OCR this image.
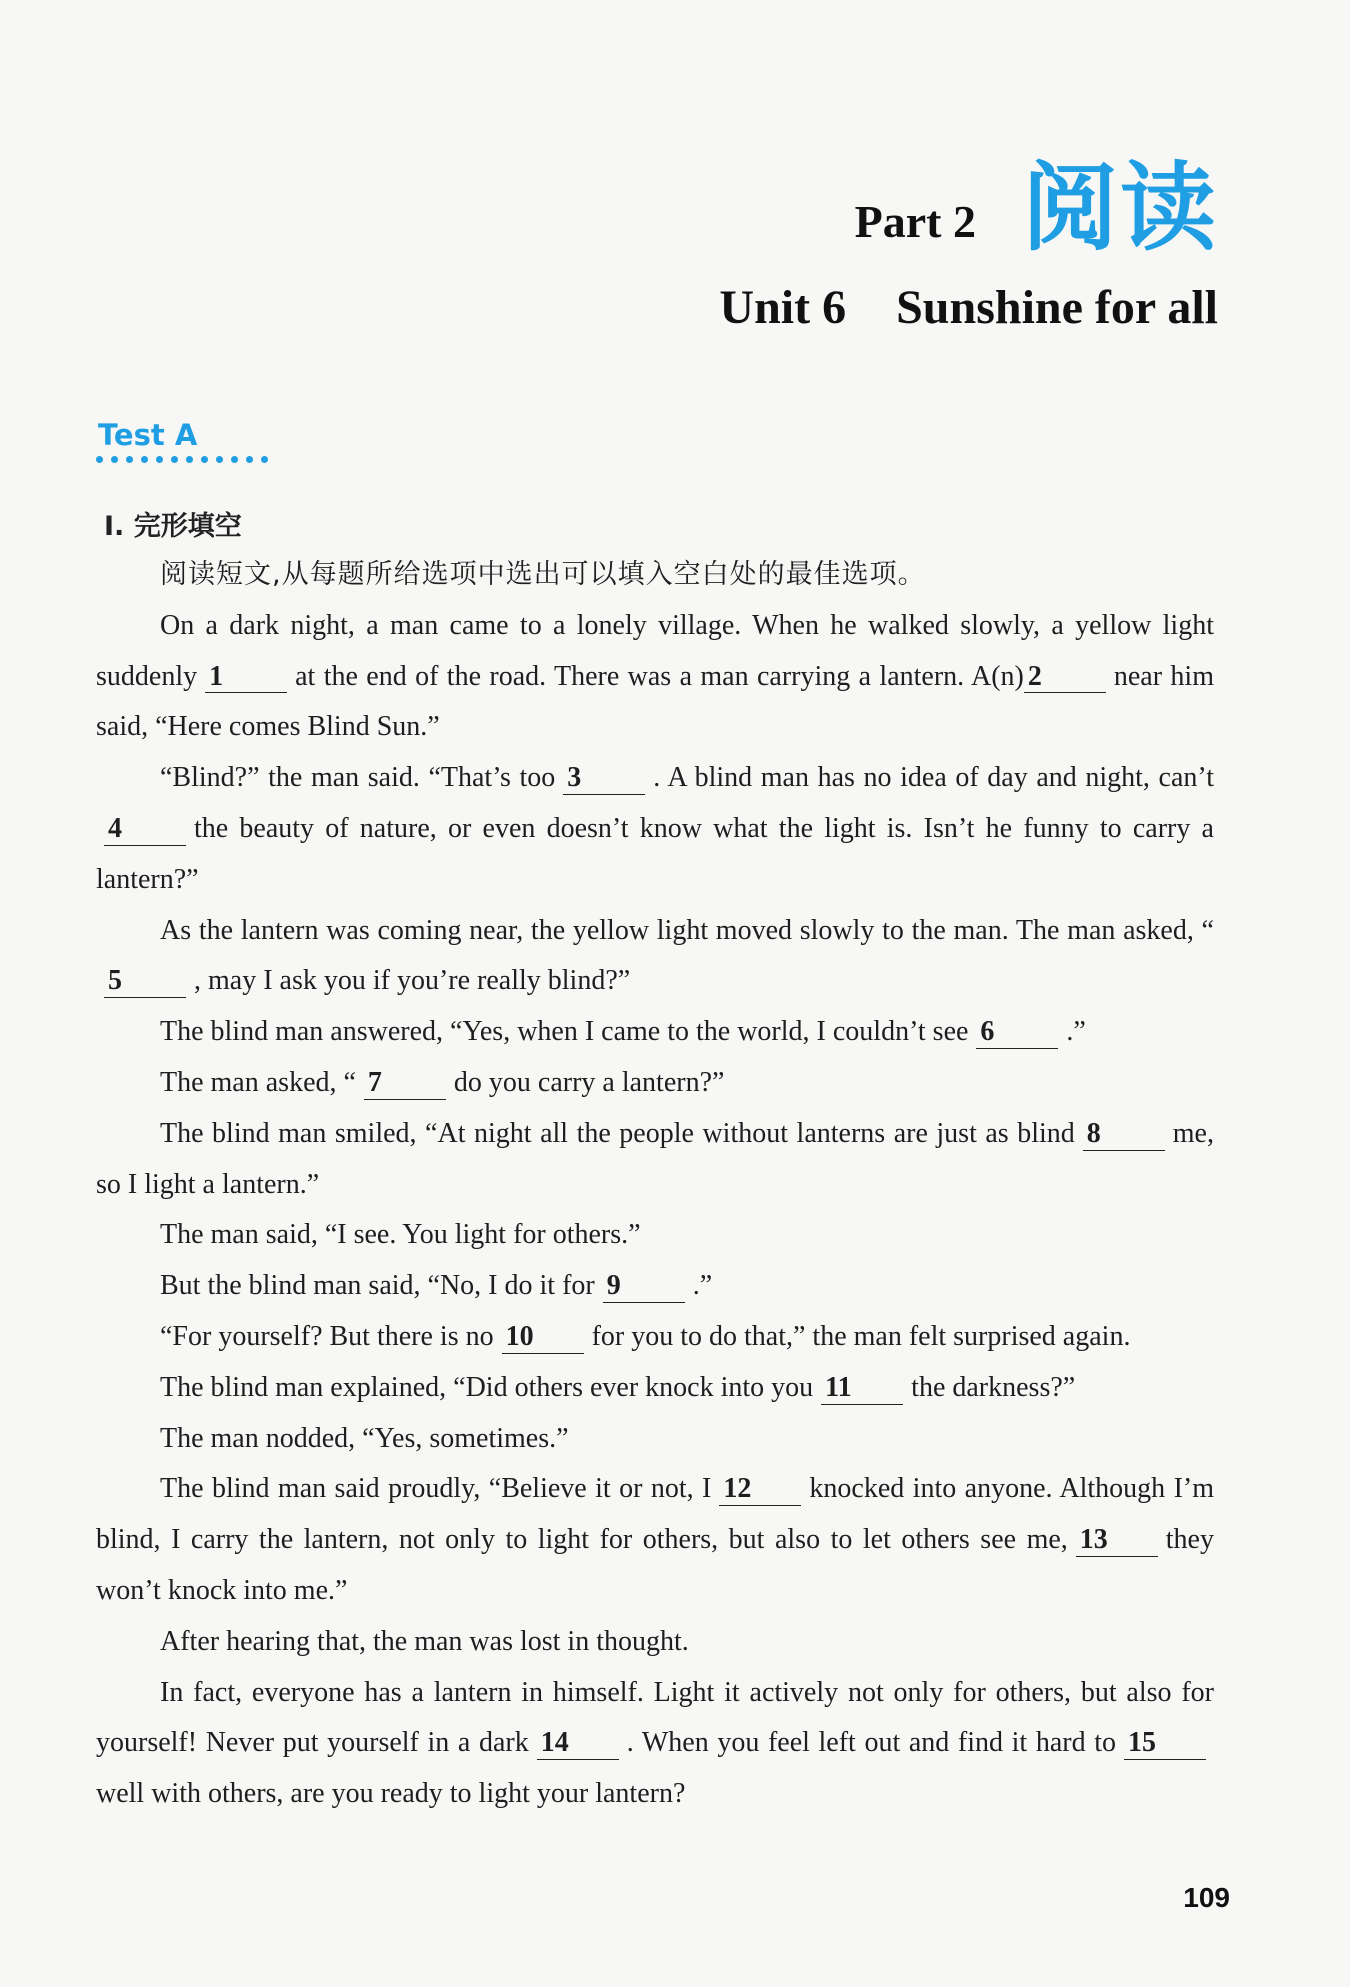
Part 2 阅读
Unit 6 Sunshine for all
Test A
Ⅰ. 完形填空

阅读短文,从每题所给选项中选出可以填入空白处的最佳选项。

On a dark night, a man came to a lonely village. When he walked slowly, a yellow light suddenly 1	at the end of the road. There was a man carrying a lantern. A(n) 2	near him said, “Here comes Blind Sun.”

“Blind?” the man said. “That’s too 3	. A blind man has no idea of day and night, can’t4	the beauty of nature, or even doesn’t know what the light is. Isn’t he funny to carry a lantern?”

As the lantern was coming near, the yellow light moved slowly to the man. The man asked, “5	, may I ask you if you’re really blind?”

The blind man answered, “Yes, when I came to the world, I couldn’t see 6	.”

The man asked, “ 7	do you carry a lantern?”

The blind man smiled, “At night all the people without lanterns are just as blind 8	me, so I light a lantern.”

The man said, “I see. You light for others.”

But the blind man said, “No, I do it for 9	.”

“For yourself? But there is no 10 for you to do that,” the man felt surprised again.

The blind man explained, “Did others ever knock into you 11 the darkness?”

The man nodded, “Yes, sometimes.”

The blind man said proudly, “Believe it or not, I 12 knocked into anyone. Although I’m blind, I carry the lantern, not only to light for others, but also to let others see me, 13 they won’t knock into me.”

After hearing that, the man was lost in thought.

In fact, everyone has a lantern in himself. Light it actively not only for others, but also for yourself! Never put yourself in a dark 14 . When you feel left out and find it hard to 15well with others, are you ready to light your lantern?

109
